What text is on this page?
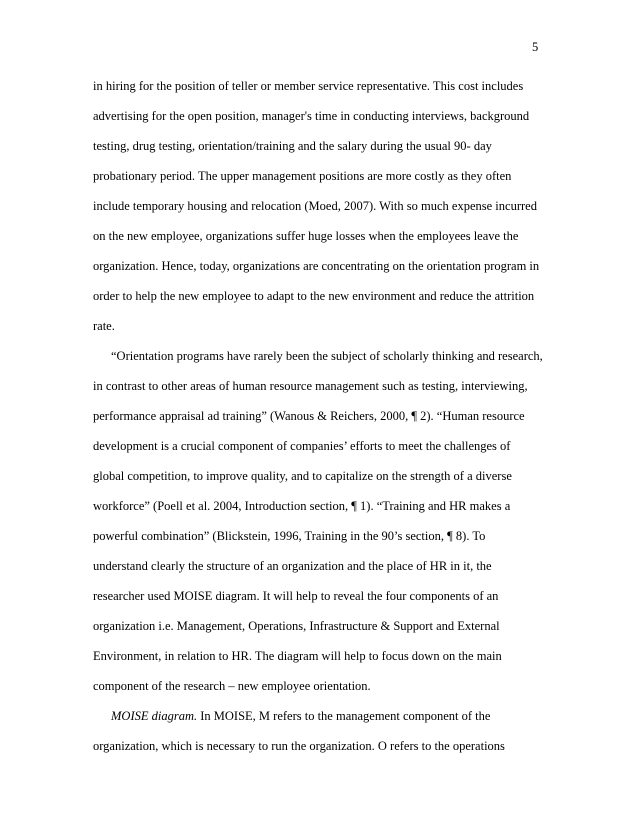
5
in hiring for the position of teller or member service representative. This cost includes
advertising for the open position, manager's time in conducting interviews, background
testing, drug testing, orientation/training and the salary during the usual 90- day
probationary period. The upper management positions are more costly as they often
include temporary housing and relocation (Moed, 2007). With so much expense incurred
on the new employee, organizations suffer huge losses when the employees leave the
organization. Hence, today, organizations are concentrating on the orientation program in
order to help the new employee to adapt to the new environment and reduce the attrition
rate.
“Orientation programs have rarely been the subject of scholarly thinking and research,
in contrast to other areas of human resource management such as testing, interviewing,
performance appraisal ad training” (Wanous & Reichers, 2000, ¶ 2). “Human resource
development is a crucial component of companies’ efforts to meet the challenges of
global competition, to improve quality, and to capitalize on the strength of a diverse
workforce” (Poell et al. 2004, Introduction section, ¶ 1). “Training and HR makes a
powerful combination” (Blickstein, 1996, Training in the 90’s section, ¶ 8). To
understand clearly the structure of an organization and the place of HR in it, the
researcher used MOISE diagram. It will help to reveal the four components of an
organization i.e. Management, Operations, Infrastructure & Support and External
Environment, in relation to HR. The diagram will help to focus down on the main
component of the research – new employee orientation.
MOISE diagram. In MOISE, M refers to the management component of the
organization, which is necessary to run the organization. O refers to the operations
